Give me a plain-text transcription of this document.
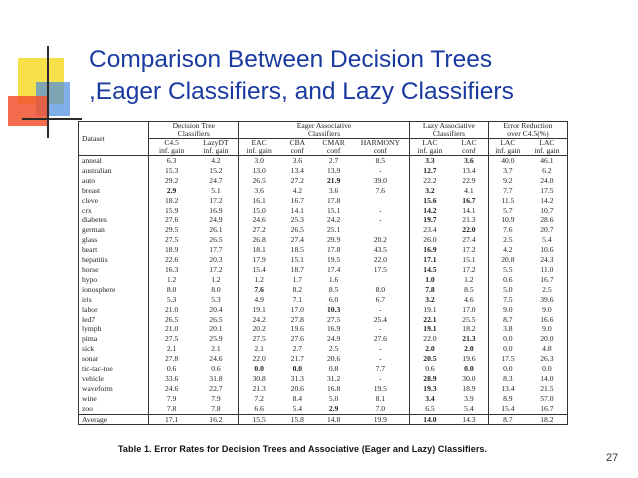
Comparison Between Decision Trees
,Eager Classifiers, and Lazy Classifiers
Dataset	Decision Tree		Eager Associative				Lazy Associative		Error Reduction	
	Classifiers		Classifiers				Classifiers		over C4.5(%)	
	C4.5	LazyDT	EAC	CBA	CMAR	HARMONY	LAC	LAC	LAC	LAC
	inf. gain	inf. gain	inf. gain	conf	conf	conf	inf. gain	conf	inf. gain	inf. gain
anneal	6.3	4.2	3.0	3.6	2.7	8.5	3.3	3.6	40.0	46.1
australian	15.3	15.2	13.0	13.4	13.9	-	12.7	13.4	3.7	6.2
auto	29.2	24.7	26.5	27.2	21.9	39.0	22.2	22.9	9.2	24.0
breast	2.9	5.1	3.6	4.2	3.6	7.6	3.2	4.1	7.7	17.5
cleve	18.2	17.2	16.1	16.7	17.8		15.6	16.7	11.5	14.2
crx	15.9	16.9	15.0	14.1	15.1	-	14.2	14.1	5.7	10.7
diabetes	27.6	24.9	24.6	25.3	24.2	-	19.7	21.3	10.9	28.6
german	29.5	26.1	27.2	26.5	25.1		23.4	22.0	7.6	20.7
glass	27.5	26.5	26.8	27.4	29.9	20.2	26.0	27.4	2.5	5.4
heart	18.9	17.7	18.1	18.5	17.8	43.5	16.9	17.2	4.2	10.6
hepatitis	22.6	20.3	17.9	15.1	19.5	22.0	17.1	15.1	20.8	24.3
horse	16.3	17.2	15.4	18.7	17.4	17.5	14.5	17.2	5.5	11.0
hypo	1.2	1.2	1.2	1.7	1.6		1.0	1.2	0.6	16.7
ionosphere	8.0	8.0	7.6	8.2	8.5	8.0	7.8	8.5	5.0	2.5
iris	5.3	5.3	4.9	7.1	6.0	6.7	3.2	4.6	7.5	39.6
labor	21.0	20.4	19.1	17.0	10.3	-	19.1	17.0	9.0	9.0
led7	26.5	26.5	24.2	27.8	27.5	25.4	22.1	25.5	8.7	16.6
lymph	21.0	20.1	20.2	19.6	16.9	-	19.1	18.2	3.8	9.0
pima	27.5	25.9	27.5	27.6	24.9	27.6	22.0	21.3	0.0	20.0
sick	2.1	2.1	2.1	2.7	2.5	-	2.0	2.0	0.0	4.8
sonar	27.8	24.6	22.0	21.7	20.6	-	20.5	19.6	17.5	26.3
tic-tac-toe	0.6	0.6	0.0	0.0	0.8	7.7	0.6	0.0	0.0	0.0
vehicle	33.6	31.8	30.8	31.3	31.2	-	28.9	30.0	8.3	14.0
waveform	24.6	22.7	21.3	20.6	16.8	19.5	19.3	18.9	13.4	21.5
wine	7.9	7.9	7.2	8.4	5.0	8.1	3.4	3.9	8.9	57.0
zoo	7.8	7.8	6.6	5.4	2.9	7.0	6.5	5.4	15.4	16.7
Average	17.1	16.2	15.5	15.8	14.8	19.9	14.0	14.3	8.7	18.2
Table 1. Error Rates for Decision Trees and Associative (Eager and Lazy) Classifiers.
27
